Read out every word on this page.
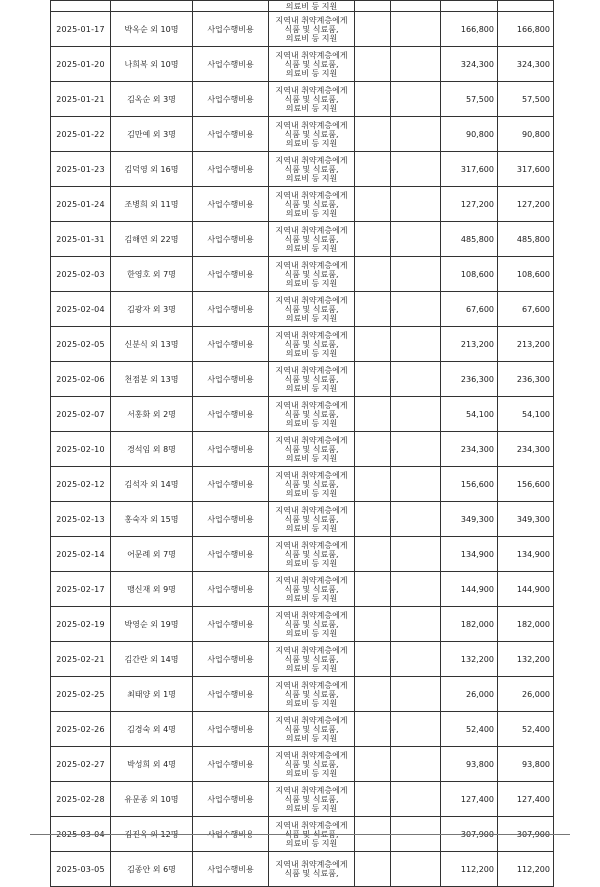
			의료비 등 지원				
2025-01-17	박옥순 외 10명	사업수행비용	지역내 취약계층에게
식품 및 식료품,
의료비 등 지원			166,800	166,800
2025-01-20	나희복 외 10명	사업수행비용	지역내 취약계층에게
식품 및 식료품,
의료비 등 지원			324,300	324,300
2025-01-21	김옥순 외 3명	사업수행비용	지역내 취약계층에게
식품 및 식료품,
의료비 등 지원			57,500	57,500
2025-01-22	김만예 외 3명	사업수행비용	지역내 취약계층에게
식품 및 식료품,
의료비 등 지원			90,800	90,800
2025-01-23	김덕영 외 16명	사업수행비용	지역내 취약계층에게
식품 및 식료품,
의료비 등 지원			317,600	317,600
2025-01-24	조병희 외 11명	사업수행비용	지역내 취약계층에게
식품 및 식료품,
의료비 등 지원			127,200	127,200
2025-01-31	김해연 외 22명	사업수행비용	지역내 취약계층에게
식품 및 식료품,
의료비 등 지원			485,800	485,800
2025-02-03	한영호 외 7명	사업수행비용	지역내 취약계층에게
식품 및 식료품,
의료비 등 지원			108,600	108,600
2025-02-04	김광자 외 3명	사업수행비용	지역내 취약계층에게
식품 및 식료품,
의료비 등 지원			67,600	67,600
2025-02-05	신분식 외 13명	사업수행비용	지역내 취약계층에게
식품 및 식료품,
의료비 등 지원			213,200	213,200
2025-02-06	천점분 외 13명	사업수행비용	지역내 취약계층에게
식품 및 식료품,
의료비 등 지원			236,300	236,300
2025-02-07	서홍화 외 2명	사업수행비용	지역내 취약계층에게
식품 및 식료품,
의료비 등 지원			54,100	54,100
2025-02-10	경석임 외 8명	사업수행비용	지역내 취약계층에게
식품 및 식료품,
의료비 등 지원			234,300	234,300
2025-02-12	김석자 외 14명	사업수행비용	지역내 취약계층에게
식품 및 식료품,
의료비 등 지원			156,600	156,600
2025-02-13	홍숙자 외 15명	사업수행비용	지역내 취약계층에게
식품 및 식료품,
의료비 등 지원			349,300	349,300
2025-02-14	어문례 외 7명	사업수행비용	지역내 취약계층에게
식품 및 식료품,
의료비 등 지원			134,900	134,900
2025-02-17	맹신재 외 9명	사업수행비용	지역내 취약계층에게
식품 및 식료품,
의료비 등 지원			144,900	144,900
2025-02-19	박영순 외 19명	사업수행비용	지역내 취약계층에게
식품 및 식료품,
의료비 등 지원			182,000	182,000
2025-02-21	김간란 외 14명	사업수행비용	지역내 취약계층에게
식품 및 식료품,
의료비 등 지원			132,200	132,200
2025-02-25	최태양 외 1명	사업수행비용	지역내 취약계층에게
식품 및 식료품,
의료비 등 지원			26,000	26,000
2025-02-26	김경숙 외 4명	사업수행비용	지역내 취약계층에게
식품 및 식료품,
의료비 등 지원			52,400	52,400
2025-02-27	박성희 외 4명	사업수행비용	지역내 취약계층에게
식품 및 식료품,
의료비 등 지원			93,800	93,800
2025-02-28	유문종 외 10명	사업수행비용	지역내 취약계층에게
식품 및 식료품,
의료비 등 지원			127,400	127,400
2025-03-04	김진옥 외 12명	사업수행비용	지역내 취약계층에게
식품 및 식료품,
의료비 등 지원			307,900	307,900
2025-03-05	김종안 외 6명	사업수행비용	지역내 취약계층에게
식품 및 식료품,			112,200	112,200
